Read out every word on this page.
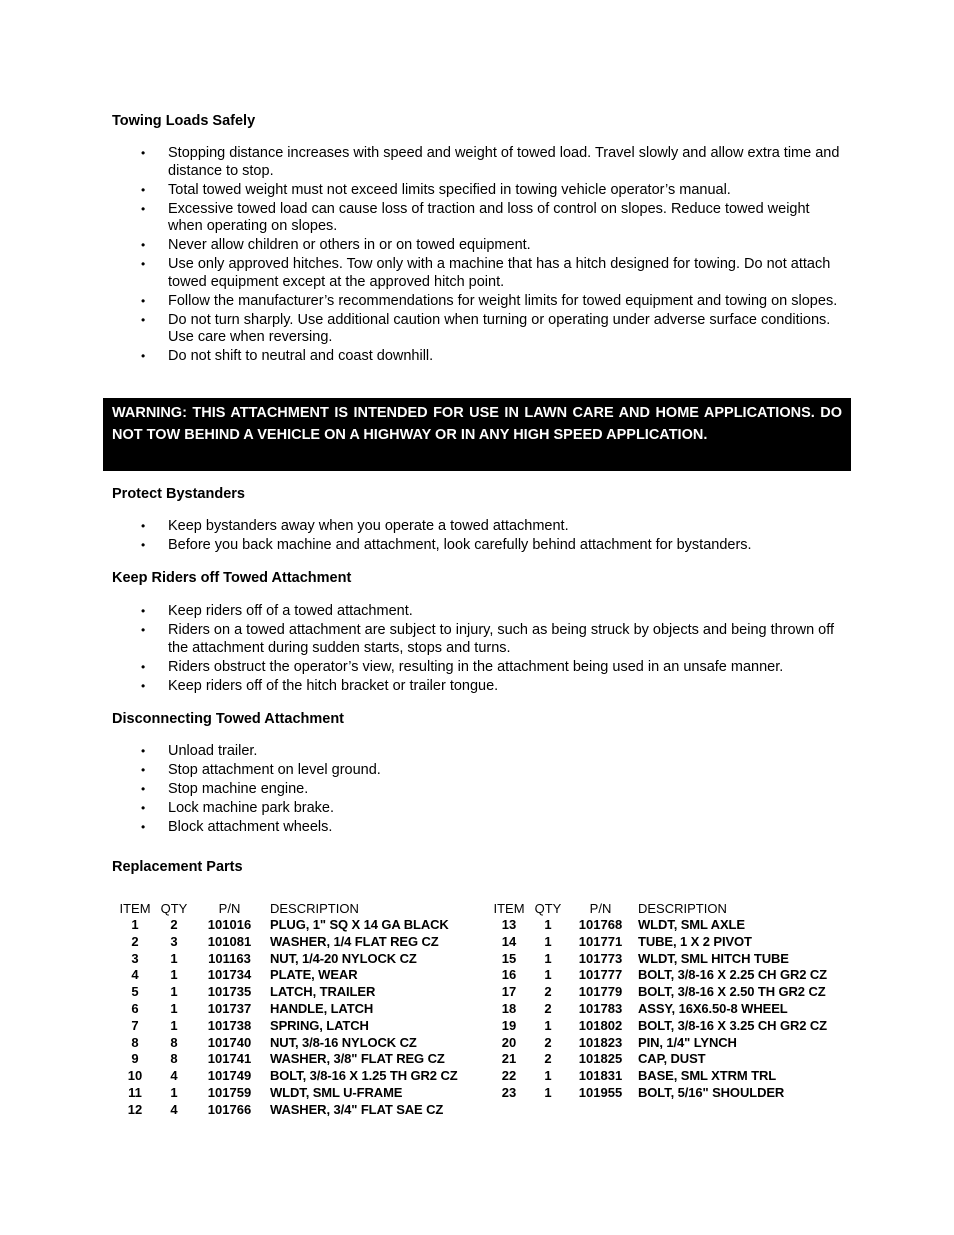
Towing Loads Safely
• Stopping distance increases with speed and weight of towed load. Travel slowly and allow extra time and distance to stop.
• Total towed weight must not exceed limits specified in towing vehicle operator’s manual.
• Excessive towed load can cause loss of traction and loss of control on slopes. Reduce towed weight when operating on slopes.
• Never allow children or others in or on towed equipment.
• Use only approved hitches. Tow only with a machine that has a hitch designed for towing. Do not attach towed equipment except at the approved hitch point.
• Follow the manufacturer’s recommendations for weight limits for towed equipment and towing on slopes.
• Do not turn sharply. Use additional caution when turning or operating under adverse surface conditions. Use care when reversing.
• Do not shift to neutral and coast downhill.
WARNING: THIS ATTACHMENT IS INTENDED FOR USE IN LAWN CARE AND HOME APPLICATIONS. DO NOT TOW BEHIND A VEHICLE ON A HIGHWAY OR IN ANY HIGH SPEED APPLICATION.
Protect Bystanders
• Keep bystanders away when you operate a towed attachment.
• Before you back machine and attachment, look carefully behind attachment for bystanders.
Keep Riders off Towed Attachment
• Keep riders off of a towed attachment.
• Riders on a towed attachment are subject to injury, such as being struck by objects and being thrown off the attachment during sudden starts, stops and turns.
• Riders obstruct the operator’s view, resulting in the attachment being used in an unsafe manner.
• Keep riders off of the hitch bracket or trailer tongue.
Disconnecting Towed Attachment
• Unload trailer.
• Stop attachment on level ground.
• Stop machine engine.
• Lock machine park brake.
• Block attachment wheels.
Replacement Parts
ITEM	QTY	P/N	DESCRIPTION
1	2	101016	PLUG, 1" SQ X 14 GA BLACK
2	3	101081	WASHER, 1/4 FLAT REG CZ
3	1	101163	NUT, 1/4-20 NYLOCK CZ
4	1	101734	PLATE, WEAR
5	1	101735	LATCH, TRAILER
6	1	101737	HANDLE, LATCH
7	1	101738	SPRING, LATCH
8	8	101740	NUT, 3/8-16 NYLOCK CZ
9	8	101741	WASHER, 3/8" FLAT REG CZ
10	4	101749	BOLT, 3/8-16 X 1.25 TH GR2 CZ
11	1	101759	WLDT, SML U-FRAME
12	4	101766	WASHER, 3/4" FLAT SAE CZ
ITEM	QTY	P/N	DESCRIPTION
13	1	101768	WLDT, SML AXLE
14	1	101771	TUBE, 1 X 2 PIVOT
15	1	101773	WLDT, SML HITCH TUBE
16	1	101777	BOLT, 3/8-16 X 2.25 CH GR2 CZ
17	2	101779	BOLT, 3/8-16 X 2.50 TH GR2 CZ
18	2	101783	ASSY, 16X6.50-8 WHEEL
19	1	101802	BOLT, 3/8-16 X 3.25 CH GR2 CZ
20	2	101823	PIN, 1/4" LYNCH
21	2	101825	CAP, DUST
22	1	101831	BASE, SML XTRM TRL
23	1	101955	BOLT, 5/16" SHOULDER
